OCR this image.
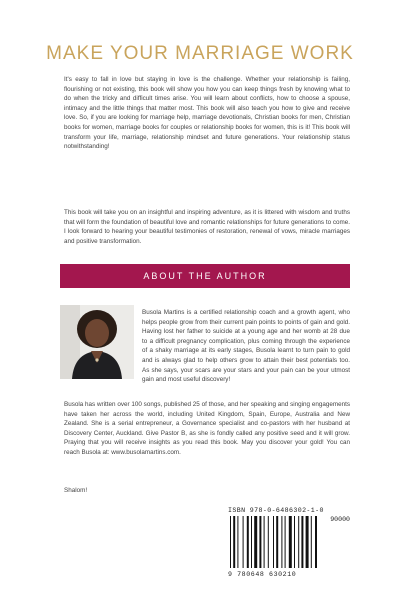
MAKE YOUR MARRIAGE WORK

It's easy to fall in love but staying in love is the challenge. Whether your relationship is failing, flourishing or not existing, this book will show you how you can keep things fresh by knowing what to do when the tricky and difficult times arise. You will learn about conflicts, how to choose a spouse, intimacy and the little things that matter most. This book will also teach you how to give and receive love. So, if you are looking for marriage help, marriage devotionals, Christian books for men, Christian books for women, marriage books for couples or relationship books for women, this is it! This book will transform your life, marriage, relationship mindset and future generations. Your relationship status notwithstanding!

This book will take you on an insightful and inspiring adventure, as it is littered with wisdom and truths that will form the foundation of beautiful love and romantic relationships for future generations to come. I look forward to hearing your beautiful testimonies of restoration, renewal of vows, miracle marriages and positive transformation.

ABOUT THE AUTHOR

Busola Martins is a certified relationship coach and a growth agent, who helps people grow from their current pain points to points of gain and gold. Having lost her father to suicide at a young age and her womb at 28 due to a difficult pregnancy complication, plus coming through the experience of a shaky marriage at its early stages, Busola learnt to turn pain to gold and is always glad to help others grow to attain their best potentials too. As she says, your scars are your stars and your pain can be your utmost gain and most useful discovery!

Busola has written over 100 songs, published 25 of those, and her speaking and singing engagements have taken her across the world, including United Kingdom, Spain, Europe, Australia and New Zealand. She is a serial entrepreneur, a Governance specialist and co-pastors with her husband at Discovery Center, Auckland. Give Pastor B, as she is fondly called any positive seed and it will grow. Praying that you will receive insights as you read this book. May you discover your gold! You can reach Busola at: www.busolamartins.com.

Shalom!

ISBN 978-0-6486302-1-0
90000
9 780648 630210
